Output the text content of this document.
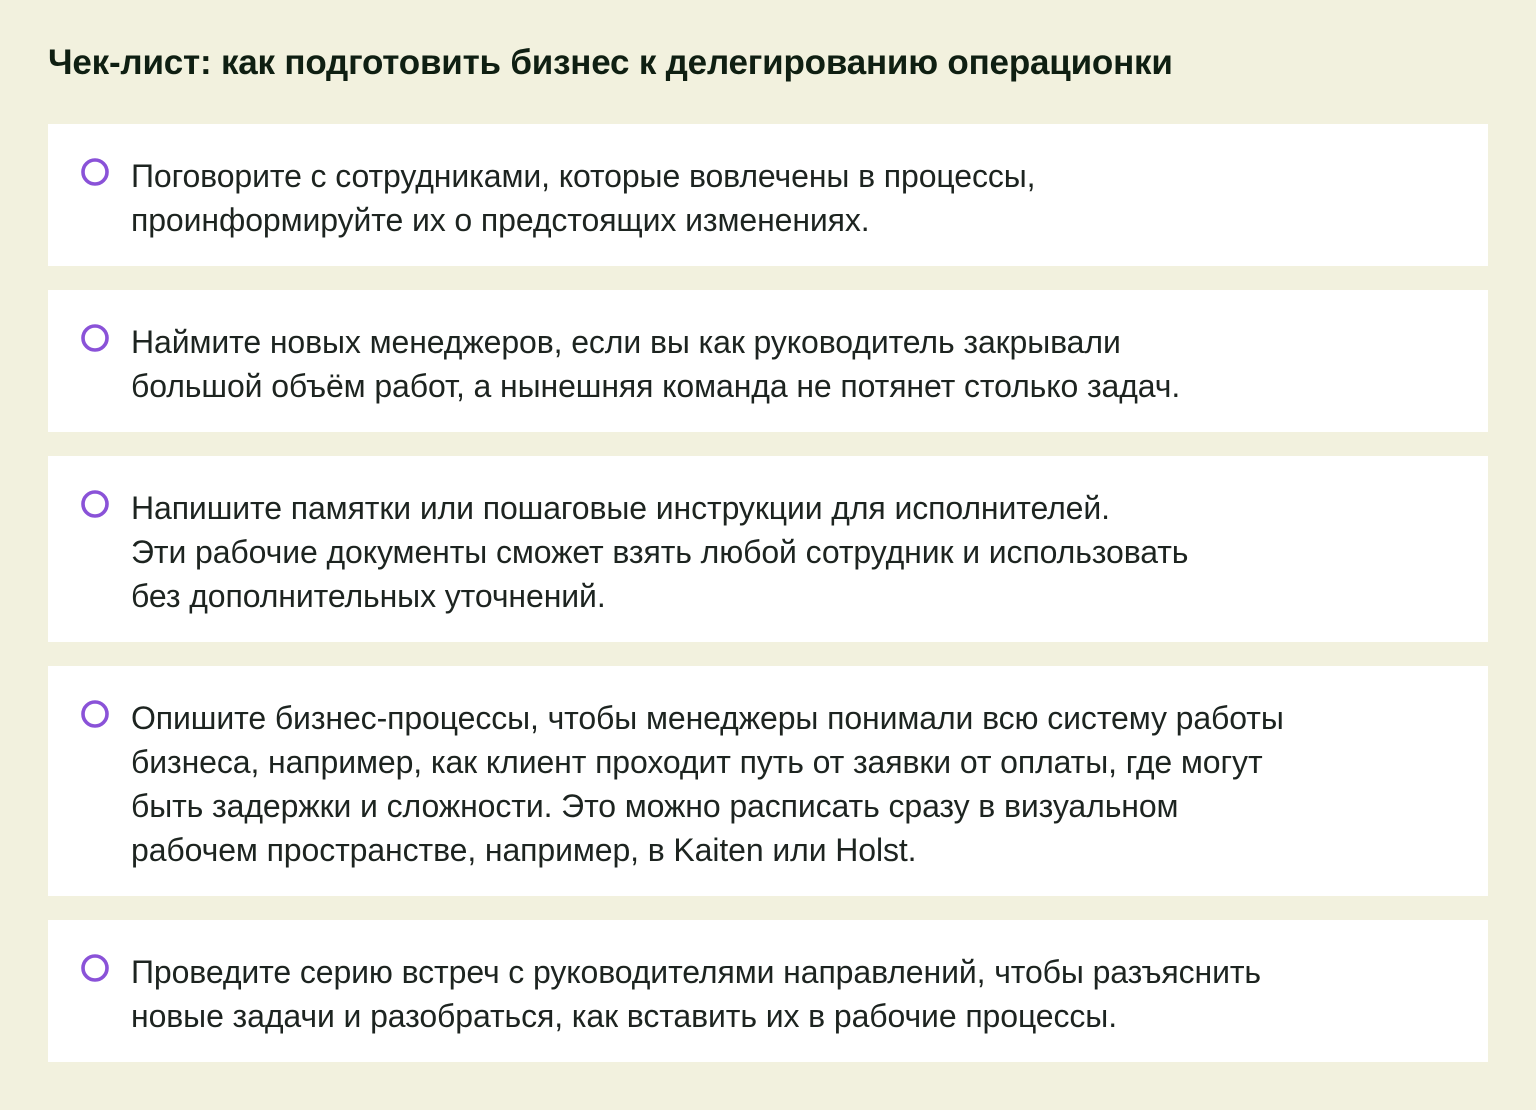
Чек-лист: как подготовить бизнес к делегированию операционки
Поговорите с сотрудниками, которые вовлечены в процессы,
проинформируйте их о предстоящих изменениях.
Наймите новых менеджеров, если вы как руководитель закрывали
большой объём работ, а нынешняя команда не потянет столько задач.
Напишите памятки или пошаговые инструкции для исполнителей.
Эти рабочие документы сможет взять любой сотрудник и использовать
без дополнительных уточнений.
Опишите бизнес-процессы, чтобы менеджеры понимали всю систему работы
бизнеса, например, как клиент проходит путь от заявки от оплаты, где могут
быть задержки и сложности. Это можно расписать сразу в визуальном
рабочем пространстве, например, в Kaiten или Holst.
Проведите серию встреч с руководителями направлений, чтобы разъяснить
новые задачи и разобраться, как вставить их в рабочие процессы.
